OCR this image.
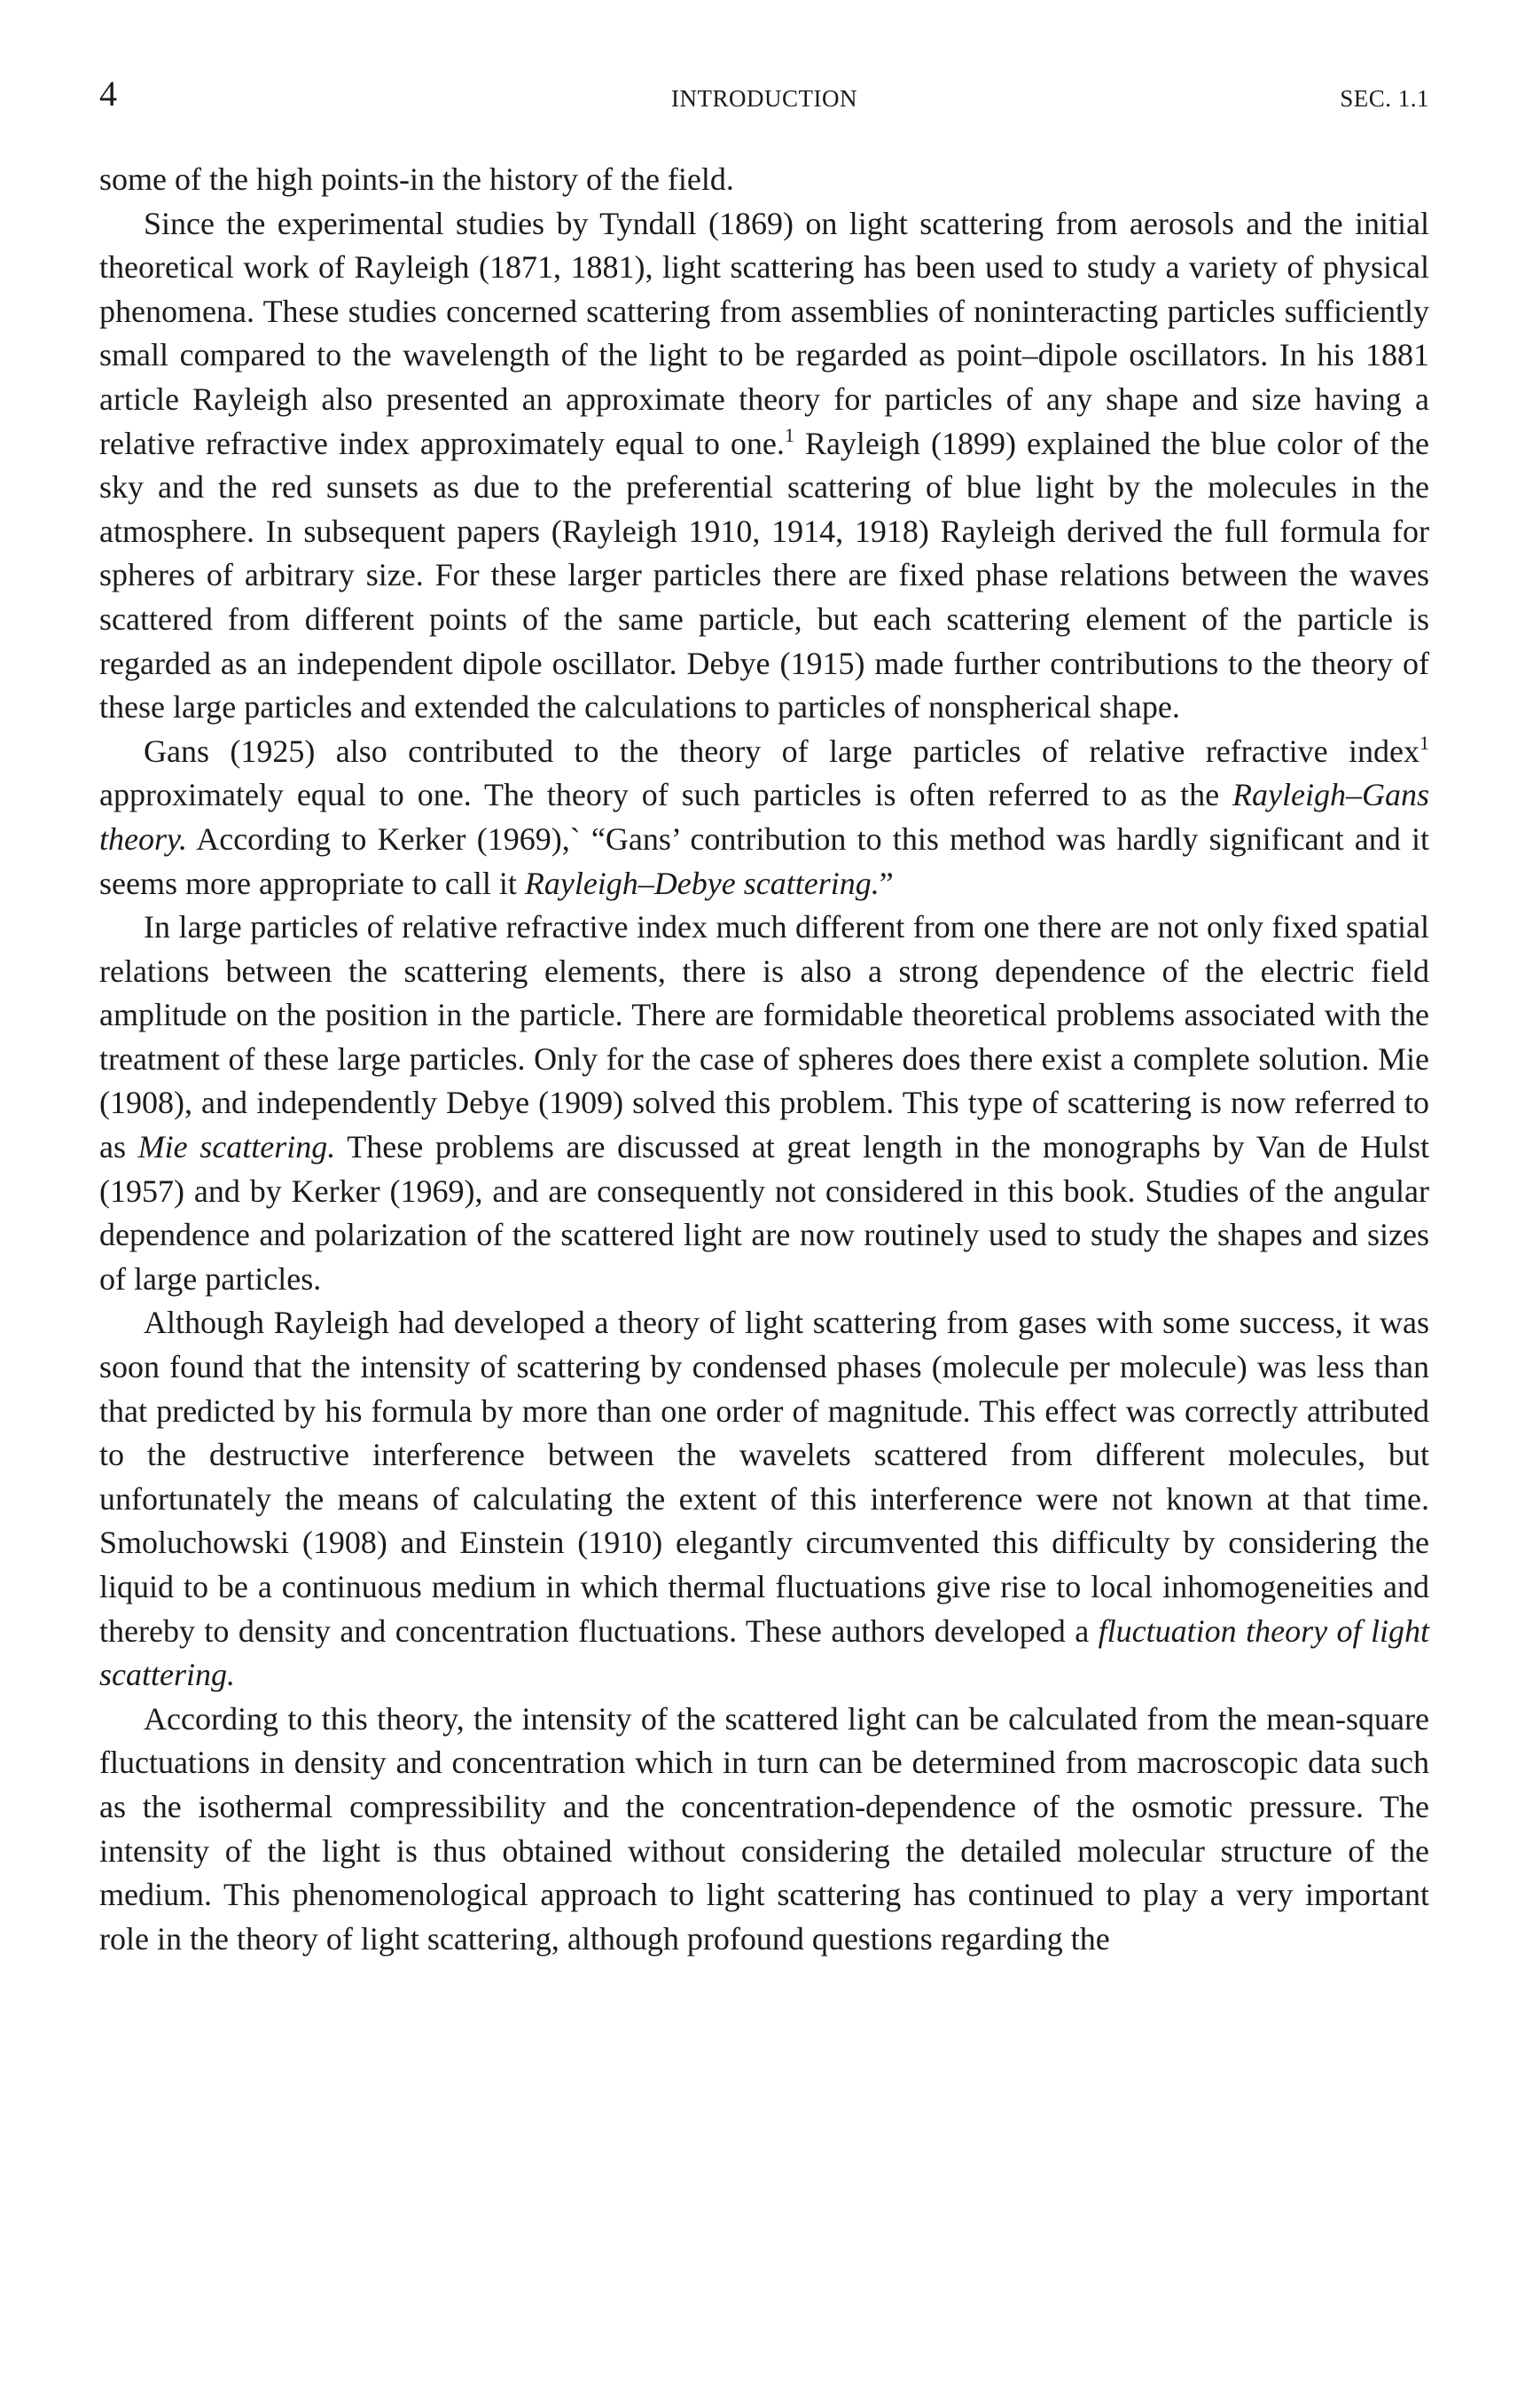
4	INTRODUCTION	SEC. 1.1

some of the high points-in the history of the field.

Since the experimental studies by Tyndall (1869) on light scattering from aerosols and the initial theoretical work of Rayleigh (1871, 1881), light scattering has been used to study a variety of physical phenomena. These studies concerned scattering from assemblies of noninteracting particles sufficiently small compared to the wavelength of the light to be regarded as point–dipole oscillators. In his 1881 article Rayleigh also presented an approximate theory for particles of any shape and size having a relative refractive index approximately equal to one.$^1$ Rayleigh (1899) explained the blue color of the sky and the red sunsets as due to the preferential scattering of blue light by the molecules in the atmosphere. In subsequent papers (Rayleigh 1910, 1914, 1918) Rayleigh derived the full formula for spheres of arbitrary size. For these larger particles there are fixed phase relations between the waves scattered from different points of the same particle, but each scattering element of the particle is regarded as an independent dipole oscillator. Debye (1915) made further contributions to the theory of these large particles and extended the calculations to particles of nonspherical shape.

Gans (1925) also contributed to the theory of large particles of relative refractive index$^1$ approximately equal to one. The theory of such particles is often referred to as the Rayleigh–Gans theory. According to Kerker (1969),` “Gans’ contribution to this method was hardly significant and it seems more appropriate to call it Rayleigh–Debye scattering.”

In large particles of relative refractive index much different from one there are not only fixed spatial relations between the scattering elements, there is also a strong dependence of the electric field amplitude on the position in the particle. There are formidable theoretical problems associated with the treatment of these large particles. Only for the case of spheres does there exist a complete solution. Mie (1908), and independently Debye (1909) solved this problem. This type of scattering is now referred to as Mie scattering. These problems are discussed at great length in the monographs by Van de Hulst (1957) and by Kerker (1969), and are consequently not considered in this book. Studies of the angular dependence and polarization of the scattered light are now routinely used to study the shapes and sizes of large particles.

Although Rayleigh had developed a theory of light scattering from gases with some success, it was soon found that the intensity of scattering by condensed phases (molecule per molecule) was less than that predicted by his formula by more than one order of magnitude. This effect was correctly attributed to the destructive interference between the wavelets scattered from different molecules, but unfortunately the means of calculating the extent of this interference were not known at that time. Smoluchowski (1908) and Einstein (1910) elegantly circumvented this difficulty by considering the liquid to be a continuous medium in which thermal fluctuations give rise to local inhomogeneities and thereby to density and concentration fluctuations. These authors developed a fluctuation theory of light scattering.

According to this theory, the intensity of the scattered light can be calculated from the mean-square fluctuations in density and concentration which in turn can be determined from macroscopic data such as the isothermal compressibility and the concentration-dependence of the osmotic pressure. The intensity of the light is thus obtained without considering the detailed molecular structure of the medium. This phenomenological approach to light scattering has continued to play a very important role in the theory of light scattering, although profound questions regarding the
